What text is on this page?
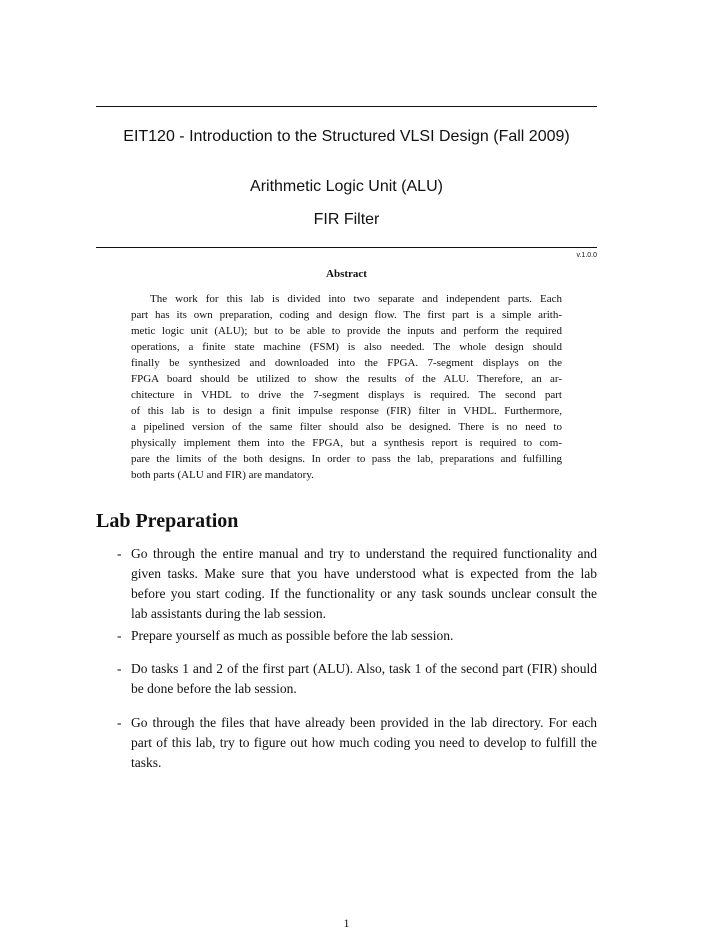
EIT120 - Introduction to the Structured VLSI Design (Fall 2009)
Arithmetic Logic Unit (ALU)
FIR Filter
v.1.0.0
Abstract
The work for this lab is divided into two separate and independent parts. Each
part has its own preparation, coding and design flow. The first part is a simple arith-
metic logic unit (ALU); but to be able to provide the inputs and perform the required
operations, a finite state machine (FSM) is also needed. The whole design should
finally be synthesized and downloaded into the FPGA. 7-segment displays on the
FPGA board should be utilized to show the results of the ALU. Therefore, an ar-
chitecture in VHDL to drive the 7-segment displays is required. The second part
of this lab is to design a finit impulse response (FIR) filter in VHDL. Furthermore,
a pipelined version of the same filter should also be designed. There is no need to
physically implement them into the FPGA, but a synthesis report is required to com-
pare the limits of the both designs. In order to pass the lab, preparations and fulfilling
both parts (ALU and FIR) are mandatory.
Lab Preparation
- Go through the entire manual and try to understand the required functionality and
given tasks. Make sure that you have understood what is expected from the lab
before you start coding. If the functionality or any task sounds unclear consult the
lab assistants during the lab session.
- Prepare yourself as much as possible before the lab session.
- Do tasks 1 and 2 of the first part (ALU). Also, task 1 of the second part (FIR) should
be done before the lab session.
- Go through the files that have already been provided in the lab directory. For each
part of this lab, try to figure out how much coding you need to develop to fulfill the
tasks.
1
